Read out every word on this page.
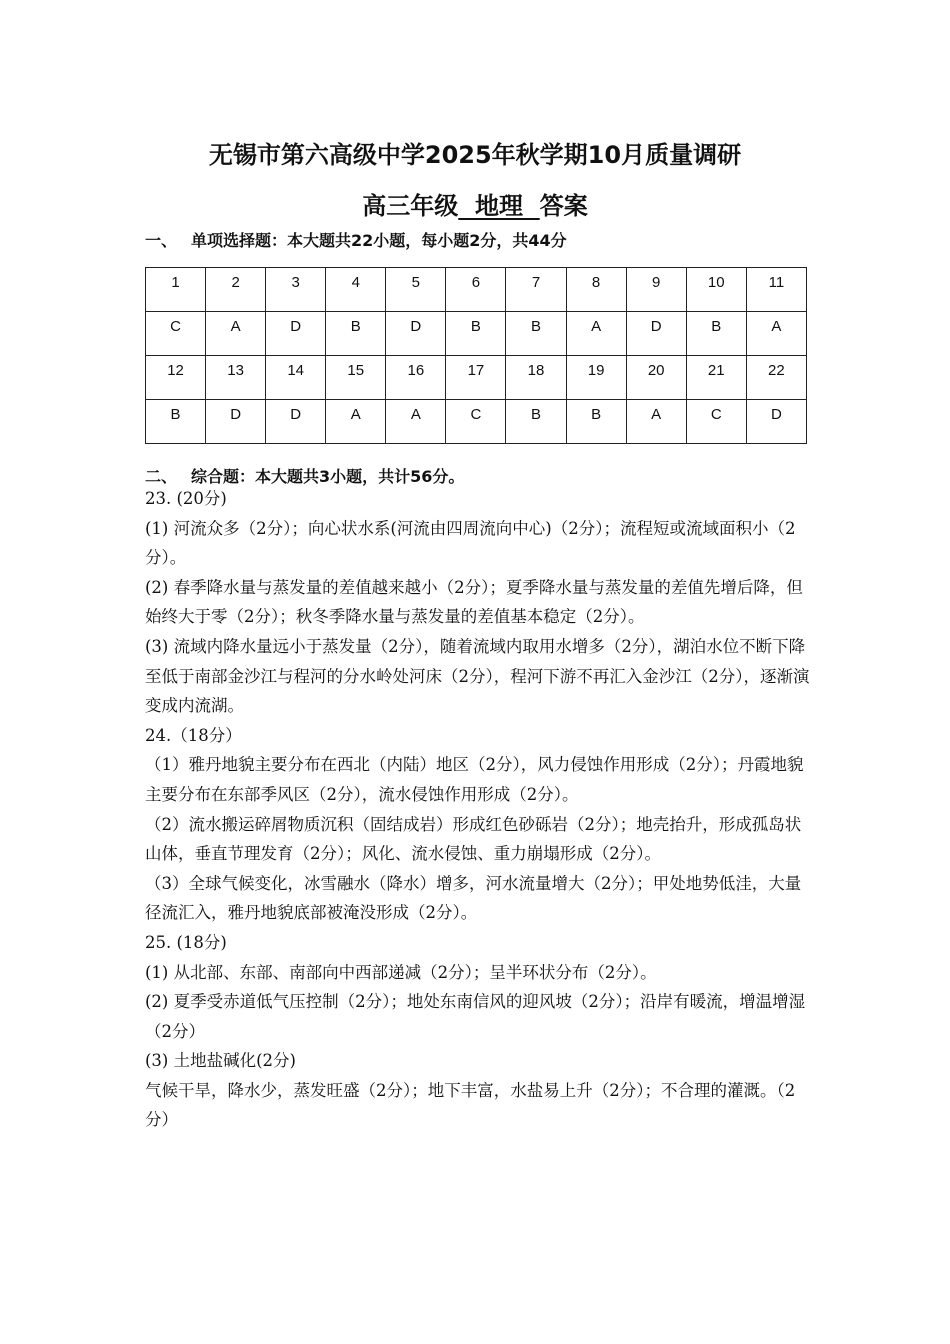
无锡市第六高级中学2025年秋学期10月质量调研
高三年级  地理  答案
一、 单项选择题：本大题共22小题，每小题2分，共44分
1	2	3	4	5	6	7	8	9	10	11
C	A	D	B	D	B	B	A	D	B	A
12	13	14	15	16	17	18	19	20	21	22
B	D	D	A	A	C	B	B	A	C	D
二、 综合题：本大题共3小题，共计56分。

23. (20分)

(1) 河流众多（2分）；向心状水系(河流由四周流向中心)（2分）；流程短或流域面积小（2分）。

(2) 春季降水量与蒸发量的差值越来越小（2分）；夏季降水量与蒸发量的差值先增后降，但始终大于零（2分）；秋冬季降水量与蒸发量的差值基本稳定（2分）。

(3) 流域内降水量远小于蒸发量（2分），随着流域内取用水增多（2分），湖泊水位不断下降至低于南部金沙江与程河的分水岭处河床（2分），程河下游不再汇入金沙江（2分），逐渐演变成内流湖。

24.（18分）

（1）雅丹地貌主要分布在西北（内陆）地区（2分），风力侵蚀作用形成（2分）；丹霞地貌主要分布在东部季风区（2分），流水侵蚀作用形成（2分）。

（2）流水搬运碎屑物质沉积（固结成岩）形成红色砂砾岩（2分）；地壳抬升，形成孤岛状山体，垂直节理发育（2分）；风化、流水侵蚀、重力崩塌形成（2分）。

（3）全球气候变化，冰雪融水（降水）增多，河水流量增大（2分）；甲处地势低洼，大量径流汇入，雅丹地貌底部被淹没形成（2分）。

25. (18分)

(1) 从北部、东部、南部向中西部递减（2分）；呈半环状分布（2分）。

(2) 夏季受赤道低气压控制（2分）；地处东南信风的迎风坡（2分）；沿岸有暖流，增温增湿（2分）

(3) 土地盐碱化(2分)

气候干旱，降水少，蒸发旺盛（2分）；地下丰富，水盐易上升（2分）；不合理的灌溉。（2分）
